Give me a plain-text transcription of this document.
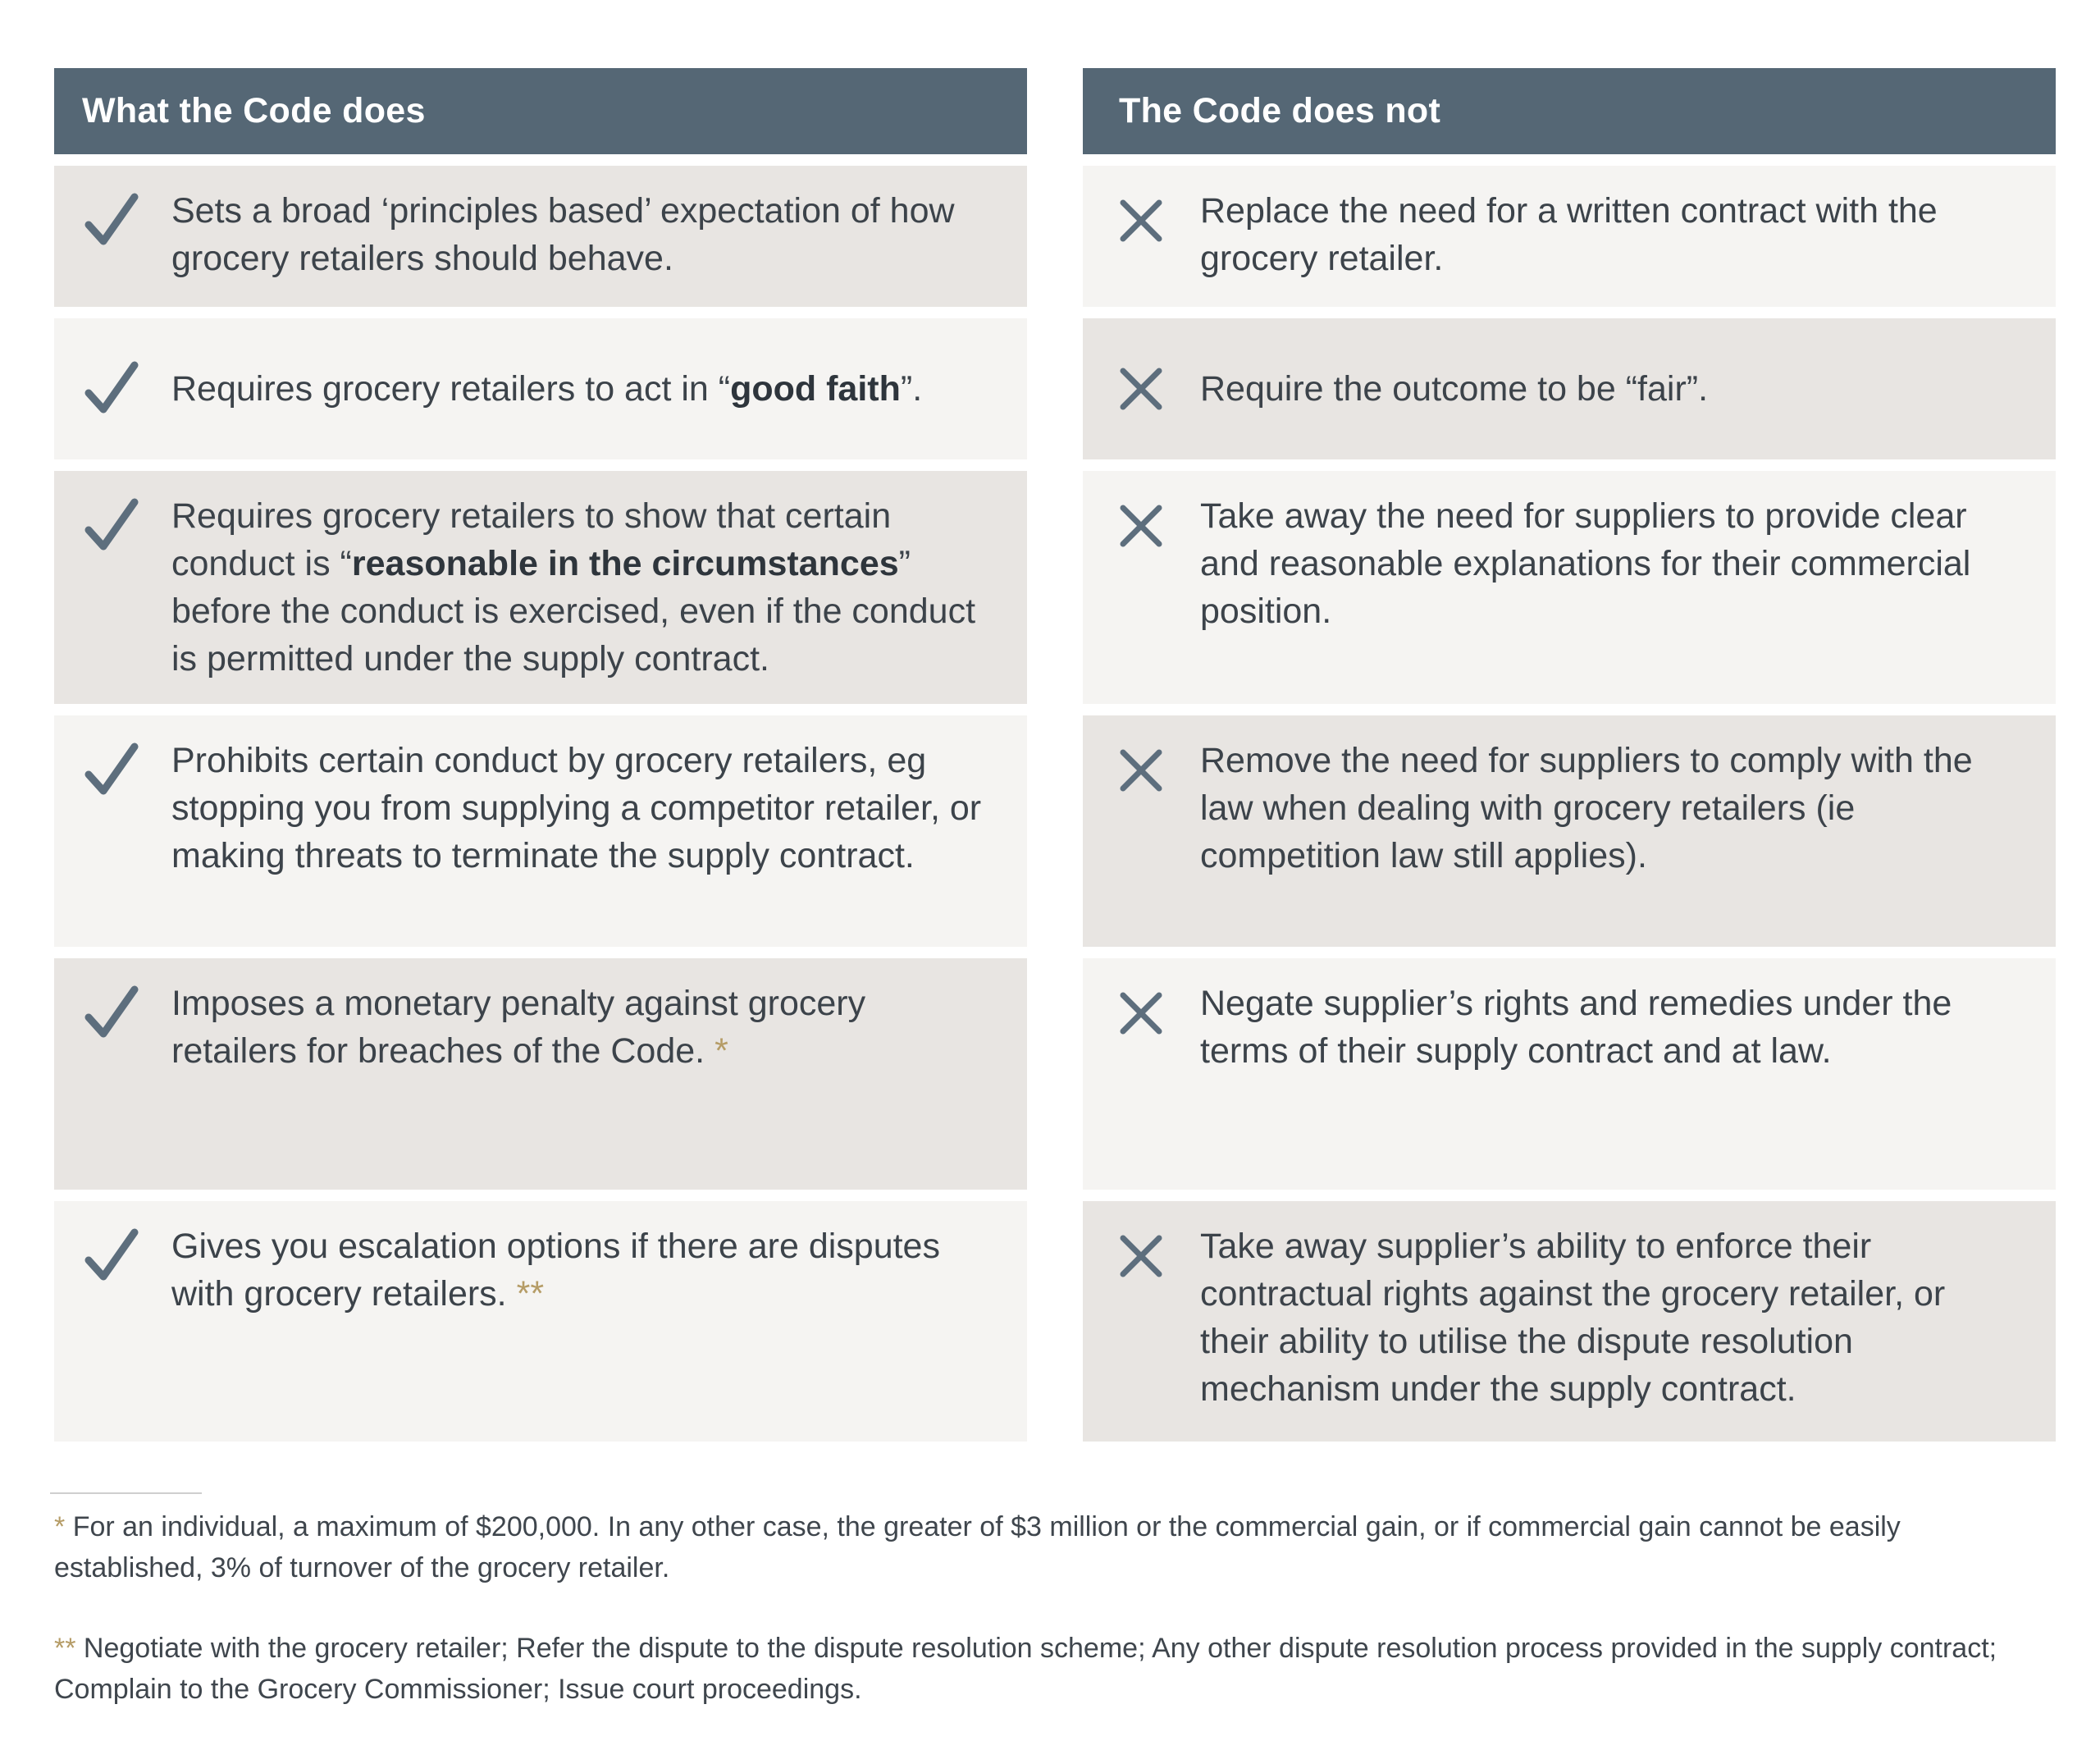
What the Code does
Sets a broad ‘principles based’ expectation of how grocery retailers should behave.
Requires grocery retailers to act in “good faith”.
Requires grocery retailers to show that certain conduct is “reasonable in the circumstances” before the conduct is exercised, even if the conduct is permitted under the supply contract.
Prohibits certain conduct by grocery retailers, eg stopping you from supplying a competitor retailer, or making threats to terminate the supply contract.
Imposes a monetary penalty against grocery retailers for breaches of the Code. *
Gives you escalation options if there are disputes with grocery retailers. **
The Code does not
Replace the need for a written contract with the grocery retailer.
Require the outcome to be “fair”.
Take away the need for suppliers to provide clear and reasonable explanations for their commercial position.
Remove the need for suppliers to comply with the law when dealing with grocery retailers (ie competition law still applies).
Negate supplier’s rights and remedies under the terms of their supply contract and at law.
Take away supplier’s ability to enforce their contractual rights against the grocery retailer, or their ability to utilise the dispute resolution mechanism under the supply contract.
* For an individual, a maximum of $200,000. In any other case, the greater of $3 million or the commercial gain, or if commercial gain cannot be easily established, 3% of turnover of the grocery retailer.
** Negotiate with the grocery retailer; Refer the dispute to the dispute resolution scheme; Any other dispute resolution process provided in the supply contract; Complain to the Grocery Commissioner; Issue court proceedings.
